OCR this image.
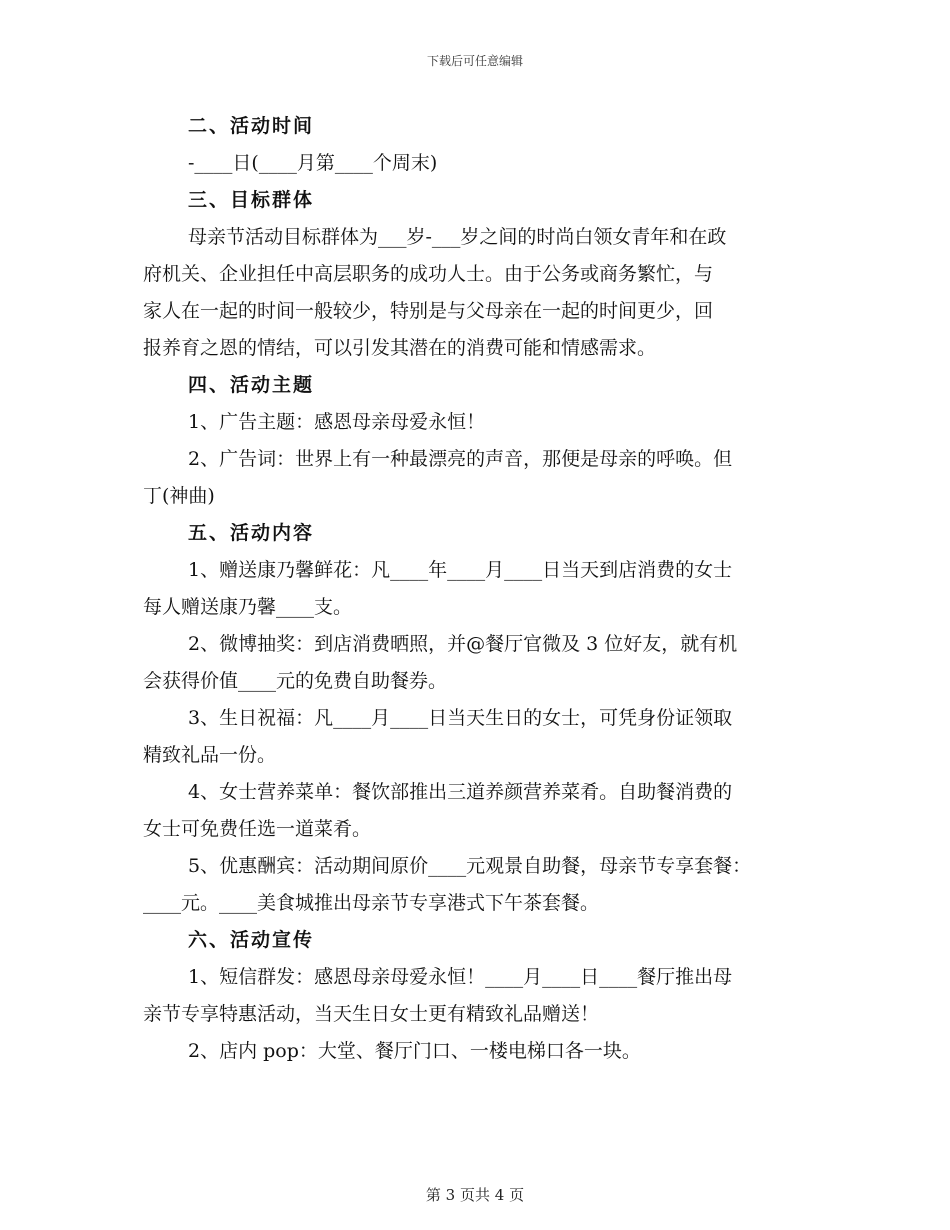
下载后可任意编辑
二、活动时间
-____日(____月第____个周末)
三、目标群体
母亲节活动目标群体为___岁-___岁之间的时尚白领女青年和在政
府机关、企业担任中高层职务的成功人士。由于公务或商务繁忙，与
家人在一起的时间一般较少，特别是与父母亲在一起的时间更少，回
报养育之恩的情结，可以引发其潜在的消费可能和情感需求。
四、活动主题
1、广告主题：感恩母亲母爱永恒！
2、广告词：世界上有一种最漂亮的声音，那便是母亲的呼唤。但
丁(神曲)
五、活动内容
1、赠送康乃馨鲜花：凡____年____月____日当天到店消费的女士
每人赠送康乃馨____支。
2、微博抽奖：到店消费晒照，并@餐厅官微及 3 位好友，就有机
会获得价值____元的免费自助餐券。
3、生日祝福：凡____月____日当天生日的女士，可凭身份证领取
精致礼品一份。
4、女士营养菜单：餐饮部推出三道养颜营养菜肴。自助餐消费的
女士可免费任选一道菜肴。
5、优惠酬宾：活动期间原价____元观景自助餐，母亲节专享套餐：
____元。____美食城推出母亲节专享港式下午茶套餐。
六、活动宣传
1、短信群发：感恩母亲母爱永恒！____月____日____餐厅推出母
亲节专享特惠活动，当天生日女士更有精致礼品赠送！
2、店内 pop：大堂、餐厅门口、一楼电梯口各一块。
第 3 页共 4 页
